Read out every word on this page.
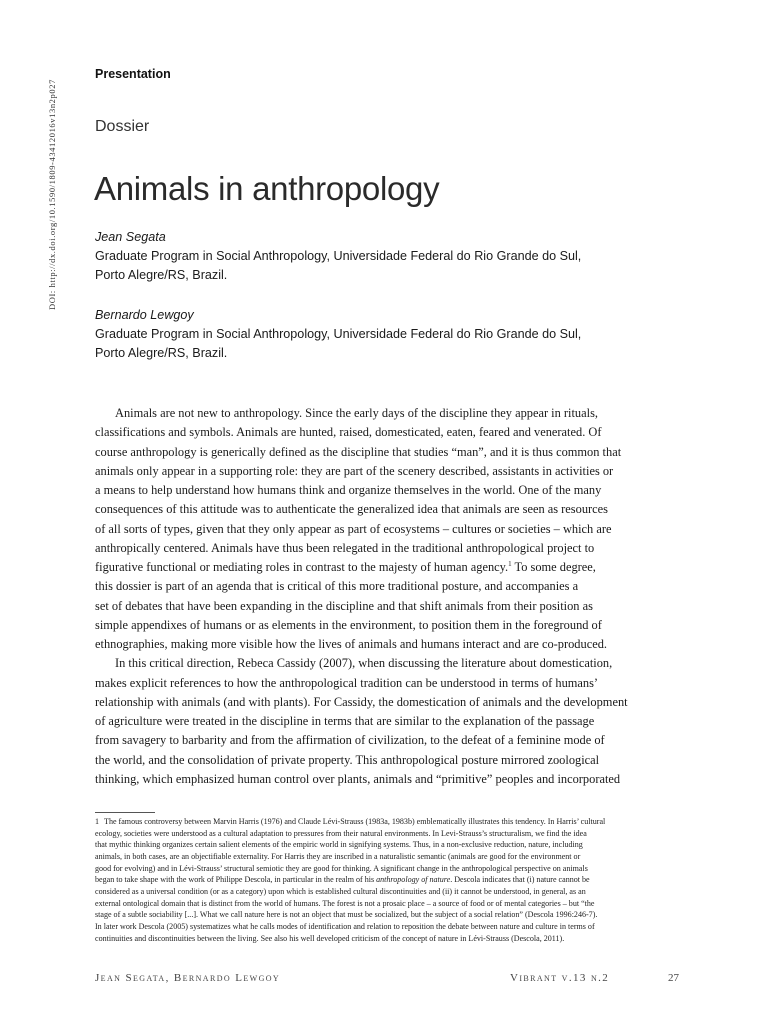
DOI: http://dx.doi.org/10.1590/1809-43412016v13n2p027
Presentation
Dossier
Animals in anthropology
Jean Segata
Graduate Program in Social Anthropology, Universidade Federal do Rio Grande do Sul,
Porto Alegre/RS, Brazil.
Bernardo Lewgoy
Graduate Program in Social Anthropology, Universidade Federal do Rio Grande do Sul,
Porto Alegre/RS, Brazil.

Animals are not new to anthropology. Since the early days of the discipline they appear in rituals,
classifications and symbols. Animals are hunted, raised, domesticated, eaten, feared and venerated. Of
course anthropology is generically defined as the discipline that studies “man”, and it is thus common that
animals only appear in a supporting role: they are part of the scenery described, assistants in activities or
a means to help understand how humans think and organize themselves in the world. One of the many
consequences of this attitude was to authenticate the generalized idea that animals are seen as resources
of all sorts of types, given that they only appear as part of ecosystems – cultures or societies – which are
anthropically centered. Animals have thus been relegated in the traditional anthropological project to
figurative functional or mediating roles in contrast to the majesty of human agency.$^1$ To some degree,
this dossier is part of an agenda that is critical of this more traditional posture, and accompanies a
set of debates that have been expanding in the discipline and that shift animals from their position as
simple appendixes of humans or as elements in the environment, to position them in the foreground of
ethnographies, making more visible how the lives of animals and humans interact and are co-produced.

In this critical direction, Rebeca Cassidy (2007), when discussing the literature about domestication,
makes explicit references to how the anthropological tradition can be understood in terms of humans’
relationship with animals (and with plants). For Cassidy, the domestication of animals and the development
of agriculture were treated in the discipline in terms that are similar to the explanation of the passage
from savagery to barbarity and from the affirmation of civilization, to the defeat of a feminine mode of
the world, and the consolidation of private property. This anthropological posture mirrored zoological
thinking, which emphasized human control over plants, animals and “primitive” peoples and incorporated

1 The famous controversy between Marvin Harris (1976) and Claude Lévi-Strauss (1983a, 1983b) emblematically illustrates this tendency. In Harris’ cultural
ecology, societies were understood as a cultural adaptation to pressures from their natural environments. In Levi-Strauss’s structuralism, we find the idea
that mythic thinking organizes certain salient elements of the empiric world in signifying systems. Thus, in a non-exclusive reduction, nature, including
animals, in both cases, are an objectifiable externality. For Harris they are inscribed in a naturalistic semantic (animals are good for the environment or
good for evolving) and in Lévi-Strauss’ structural semiotic they are good for thinking. A significant change in the anthropological perspective on animals
began to take shape with the work of Philippe Descola, in particular in the realm of his anthropology of nature. Descola indicates that (i) nature cannot be
considered as a universal condition (or as a category) upon which is established cultural discontinuities and (ii) it cannot be understood, in general, as an
external ontological domain that is distinct from the world of humans. The forest is not a prosaic place – a source of food or of mental categories – but “the
stage of a subtle sociability [...]. What we call nature here is not an object that must be socialized, but the subject of a social relation” (Descola 1996:246-7).
In later work Descola (2005) systematizes what he calls modes of identification and relation to reposition the debate between nature and culture in terms of
continuities and discontinuities between the living. See also his well developed criticism of the concept of nature in Lévi-Strauss (Descola, 2011).
Jean Segata, Bernardo Lewgoy	Vibrant v.13 n.2	27
